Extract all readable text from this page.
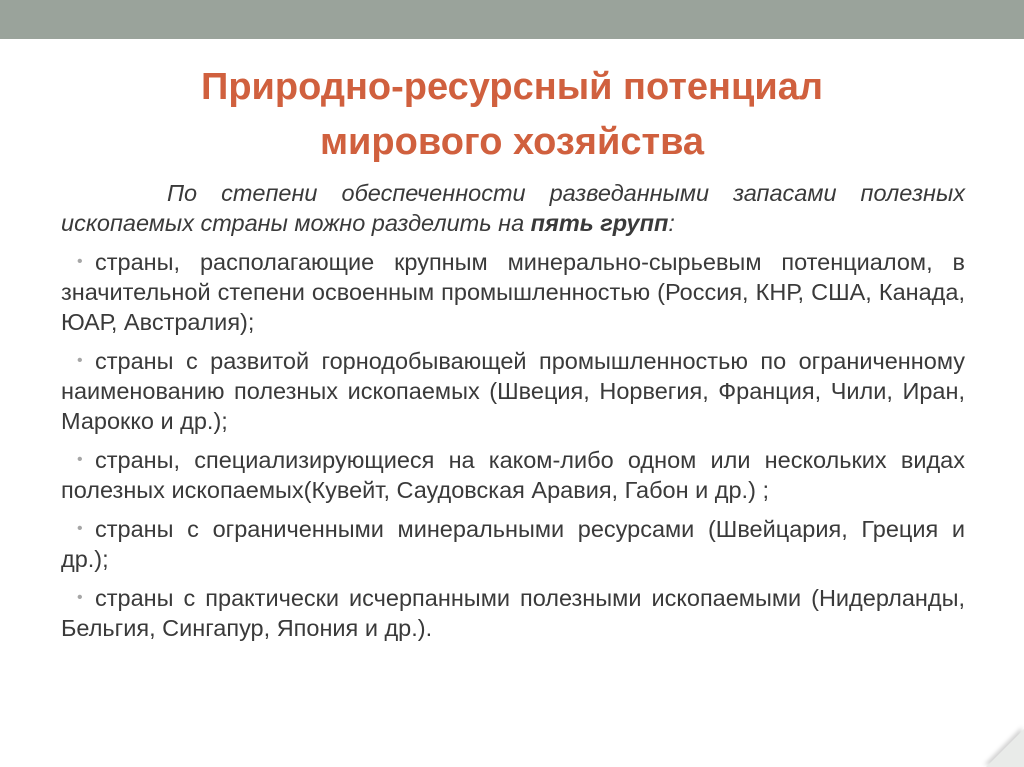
Природно-ресурсный потенциал
мирового хозяйства

По степени обеспеченности разведанными запасами полезных ископаемых страны можно разделить на пять групп:

• страны, располагающие крупным минерально-сырьевым потенциалом, в значительной степени освоенным промышленностью (Россия, КНР, США, Канада, ЮАР, Австралия);
• страны с развитой горнодобывающей промышленностью по ограниченному наименованию полезных ископаемых (Швеция, Норвегия, Франция, Чили, Иран, Марокко и др.);
• страны, специализирующиеся на каком-либо одном или нескольких видах полезных ископаемых(Кувейт, Саудовская Аравия, Габон и др.) ;
• страны с ограниченными минеральными ресурсами (Швейцария, Греция и др.);
• страны с практически исчерпанными полезными ископаемыми (Нидерланды, Бельгия, Сингапур, Япония и др.).
